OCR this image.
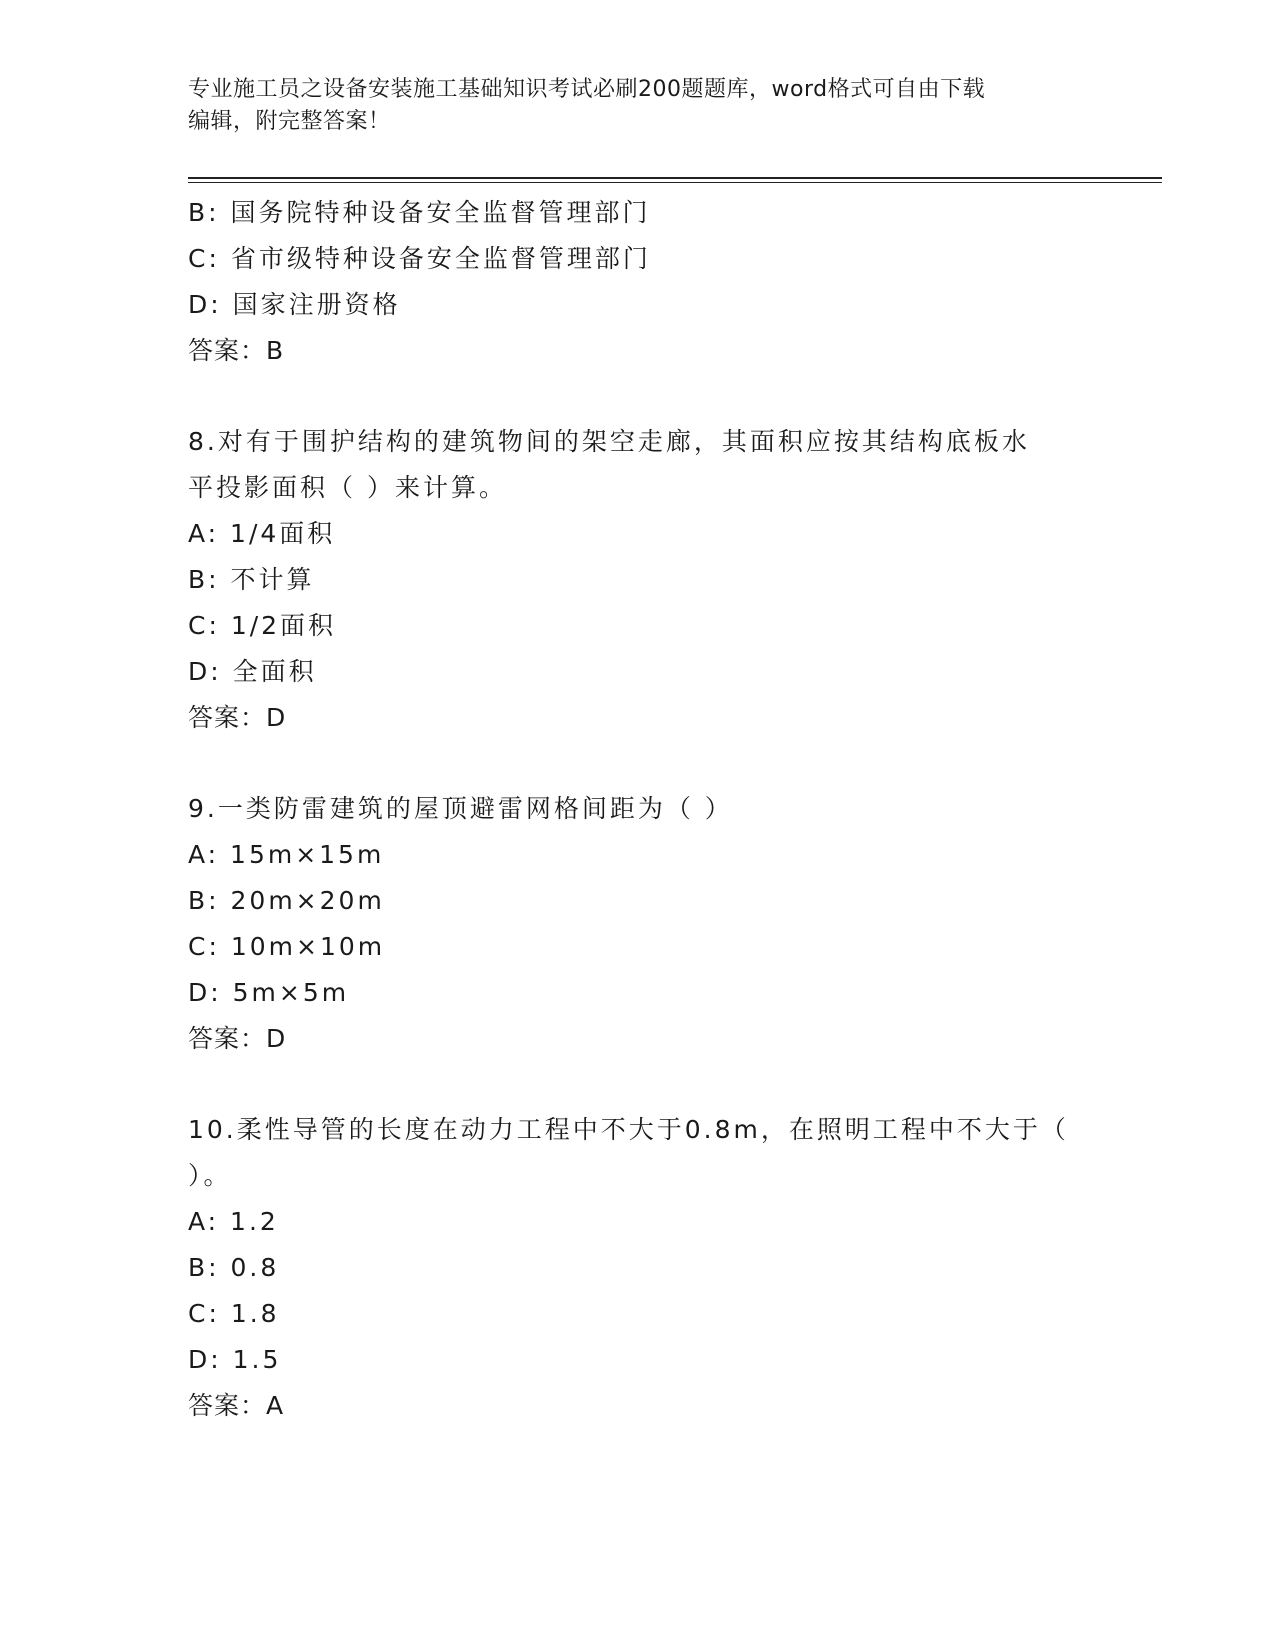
专业施工员之设备安装施工基础知识考试必刷200题题库，word格式可自由下载
编辑，附完整答案！
B: 国务院特种设备安全监督管理部门
C: 省市级特种设备安全监督管理部门
D: 国家注册资格
答案：B
8.对有于围护结构的建筑物间的架空走廊，其面积应按其结构底板水
平投影面积（ ）来计算。
A: 1/4面积
B: 不计算
C: 1/2面积
D: 全面积
答案：D
9.一类防雷建筑的屋顶避雷网格间距为（ ）
A: 15m×15m
B: 20m×20m
C: 10m×10m
D: 5m×5m
答案：D
10.柔性导管的长度在动力工程中不大于0.8m，在照明工程中不大于（
）。
A: 1.2
B: 0.8
C: 1.8
D: 1.5
答案：A
